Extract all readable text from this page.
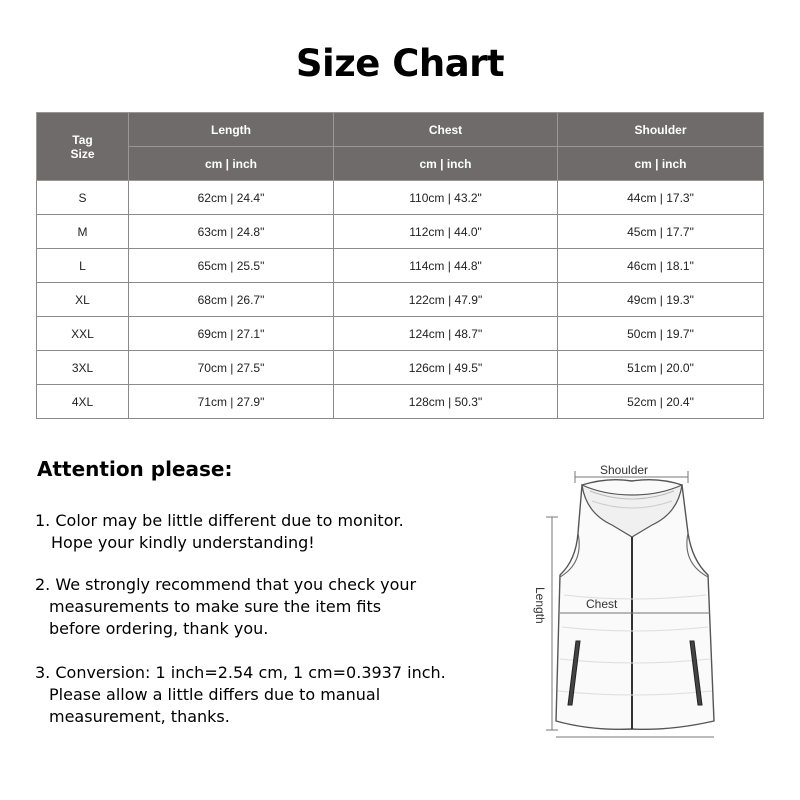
Size Chart
Tag
Size	Length	Chest	Shoulder
	cm | inch	cm | inch	cm | inch
S	62cm | 24.4"	110cm | 43.2"	44cm | 17.3"
M	63cm | 24.8"	112cm | 44.0"	45cm | 17.7"
L	65cm | 25.5"	114cm | 44.8"	46cm | 18.1"
XL	68cm | 26.7"	122cm | 47.9"	49cm | 19.3"
XXL	69cm | 27.1"	124cm | 48.7"	50cm | 19.7"
3XL	70cm | 27.5"	126cm | 49.5"	51cm | 20.0"
4XL	71cm | 27.9"	128cm | 50.3"	52cm | 20.4"
Attention please:
1. Color may be little different due to monitor.
Hope your kindly understanding!
2. We strongly recommend that you check your
measurements to make sure the item fits
before ordering, thank you.
3. Conversion: 1 inch=2.54 cm, 1 cm=0.3937 inch.
Please allow a little differs due to manual
measurement, thanks.
Shoulder
Length	Chest
